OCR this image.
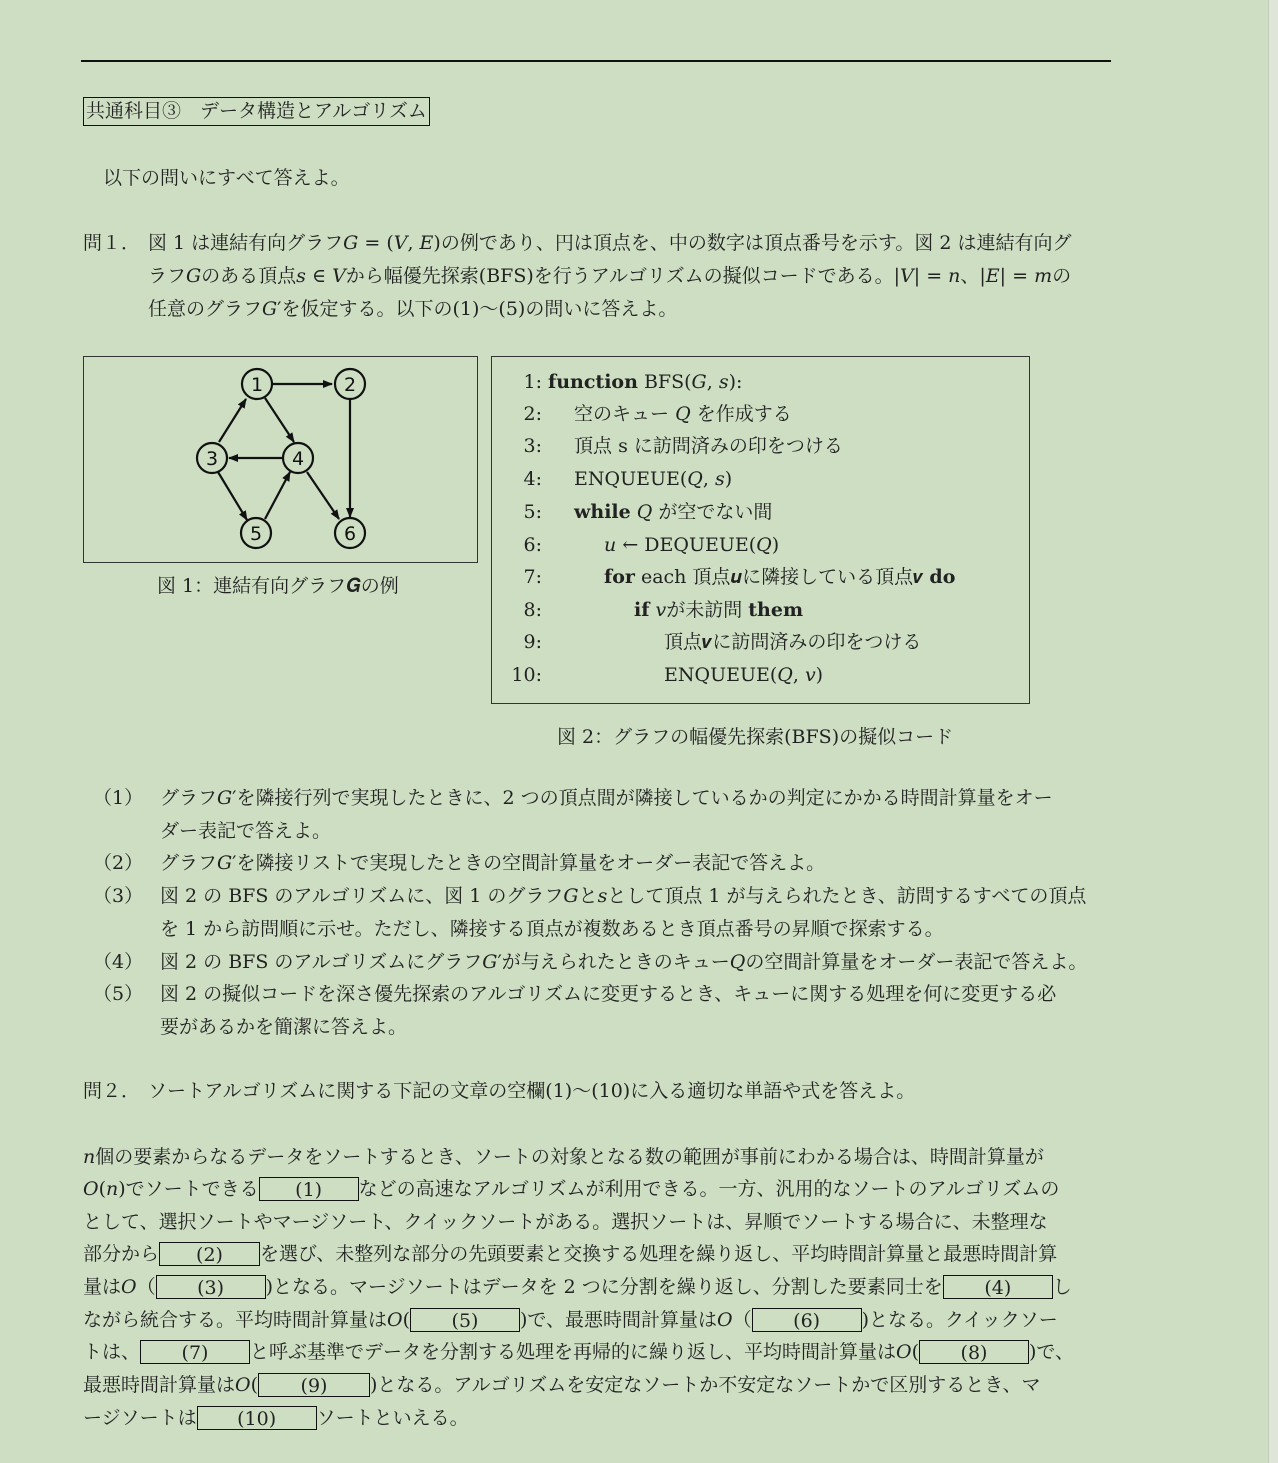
共通科目③　データ構造とアルゴリズム
以下の問いにすべて答えよ。
問１． 図 1 は連結有向グラフ𝐺 = (𝑉, 𝐸)の例であり、円は頂点を、中の数字は頂点番号を示す。図 2 は連結有向グ
ラフ𝐺のある頂点𝑠 ∈ 𝑉から幅優先探索(BFS)を行うアルゴリズムの擬似コードである。|𝑉| = 𝑛、|𝐸| = 𝑚の
任意のグラフ𝐺′を仮定する。以下の(1)～(5)の問いに答えよ。
1	2
3	4
5	6
図 1：連結有向グラフ𝑮の例
1: function BFS(G, s):
2: 空のキュー 𝑄 を作成する
3: 頂点 s に訪問済みの印をつける
4: ENQUEUE(𝑄, 𝑠)
5: while 𝑄 が空でない間
6:	𝑢 ← DEQUEUE(𝑄)
7:	for each 頂点𝒖に隣接している頂点𝒗 do
8:	if 𝑣が未訪問 them
9:	頂点𝒗に訪問済みの印をつける
10:	ENQUEUE(𝑄, 𝑣)
図 2：グラフの幅優先探索(BFS)の擬似コード
（1） グラフ𝐺′を隣接行列で実現したときに、2 つの頂点間が隣接しているかの判定にかかる時間計算量をオー
ダー表記で答えよ。
（2） グラフ𝐺′を隣接リストで実現したときの空間計算量をオーダー表記で答えよ。
（3） 図 2 の BFS のアルゴリズムに、図 1 のグラフ𝐺と𝑠として頂点 1 が与えられたとき、訪問するすべての頂点
を 1 から訪問順に示せ。ただし、隣接する頂点が複数あるとき頂点番号の昇順で探索する。
（4） 図 2 の BFS のアルゴリズムにグラフ𝐺′が与えられたときのキュー𝑄の空間計算量をオーダー表記で答えよ。
（5） 図 2 の擬似コードを深さ優先探索のアルゴリズムに変更するとき、キューに関する処理を何に変更する必
要があるかを簡潔に答えよ。
問２． ソートアルゴリズムに関する下記の文章の空欄(1)～(10)に入る適切な単語や式を答えよ。
𝑛個の要素からなるデータをソートするとき、ソートの対象となる数の範囲が事前にわかる場合は、時間計算量が
𝑂(𝑛)でソートできる (1) などの高速なアルゴリズムが利用できる。一方、汎用的なソートのアルゴリズムの
として、選択ソートやマージソート、クイックソートがある。選択ソートは、昇順でソートする場合に、未整理な
部分から (2) を選び、未整列な部分の先頭要素と交換する処理を繰り返し、平均時間計算量と最悪時間計算
量は𝑂（ (3) )となる。マージソートはデータを 2 つに分割を繰り返し、分割した要素同士を (4) し
ながら統合する。平均時間計算量は𝑂( (5) )で、最悪時間計算量は𝑂（ (6) )となる。クイックソー
トは、 (7) と呼ぶ基準でデータを分割する処理を再帰的に繰り返し、平均時間計算量は𝑂( (8) )で、
最悪時間計算量は𝑂( (9) )となる。アルゴリズムを安定なソートか不安定なソートかで区別するとき、マ
ージソートは (10) ソートといえる。
